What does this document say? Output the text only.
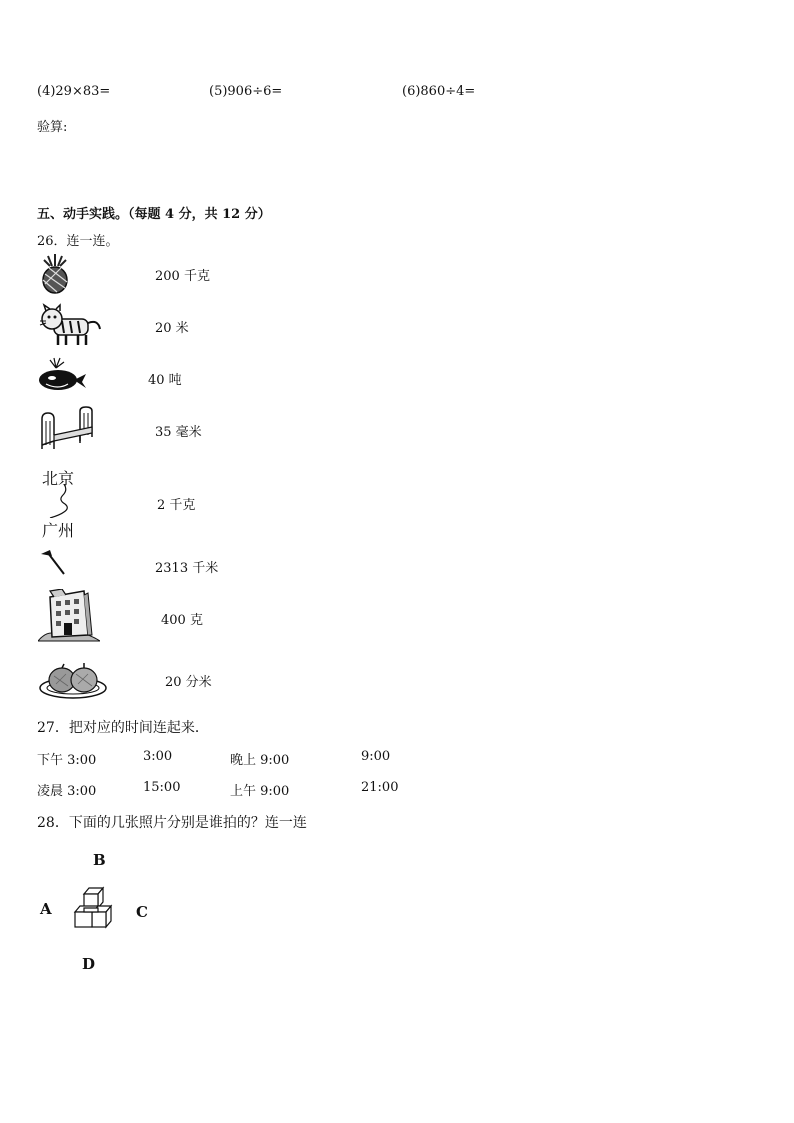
(4)29×83=	(5)906÷6=	(6)860÷4=
验算:
五、动手实践。（每题 4 分，共 12 分）
26．连一连。
200 千克
20 米
40 吨
35 毫米
北京
广州
2 千克
2313 千米
400 克
20 分米
27．把对应的时间连起来．
下午 3:00	3:00	晚上 9:00	9:00
凌晨 3:00	15:00	上午 9:00	21:00
28．下面的几张照片分别是谁拍的？连一连
B
A	C
D
